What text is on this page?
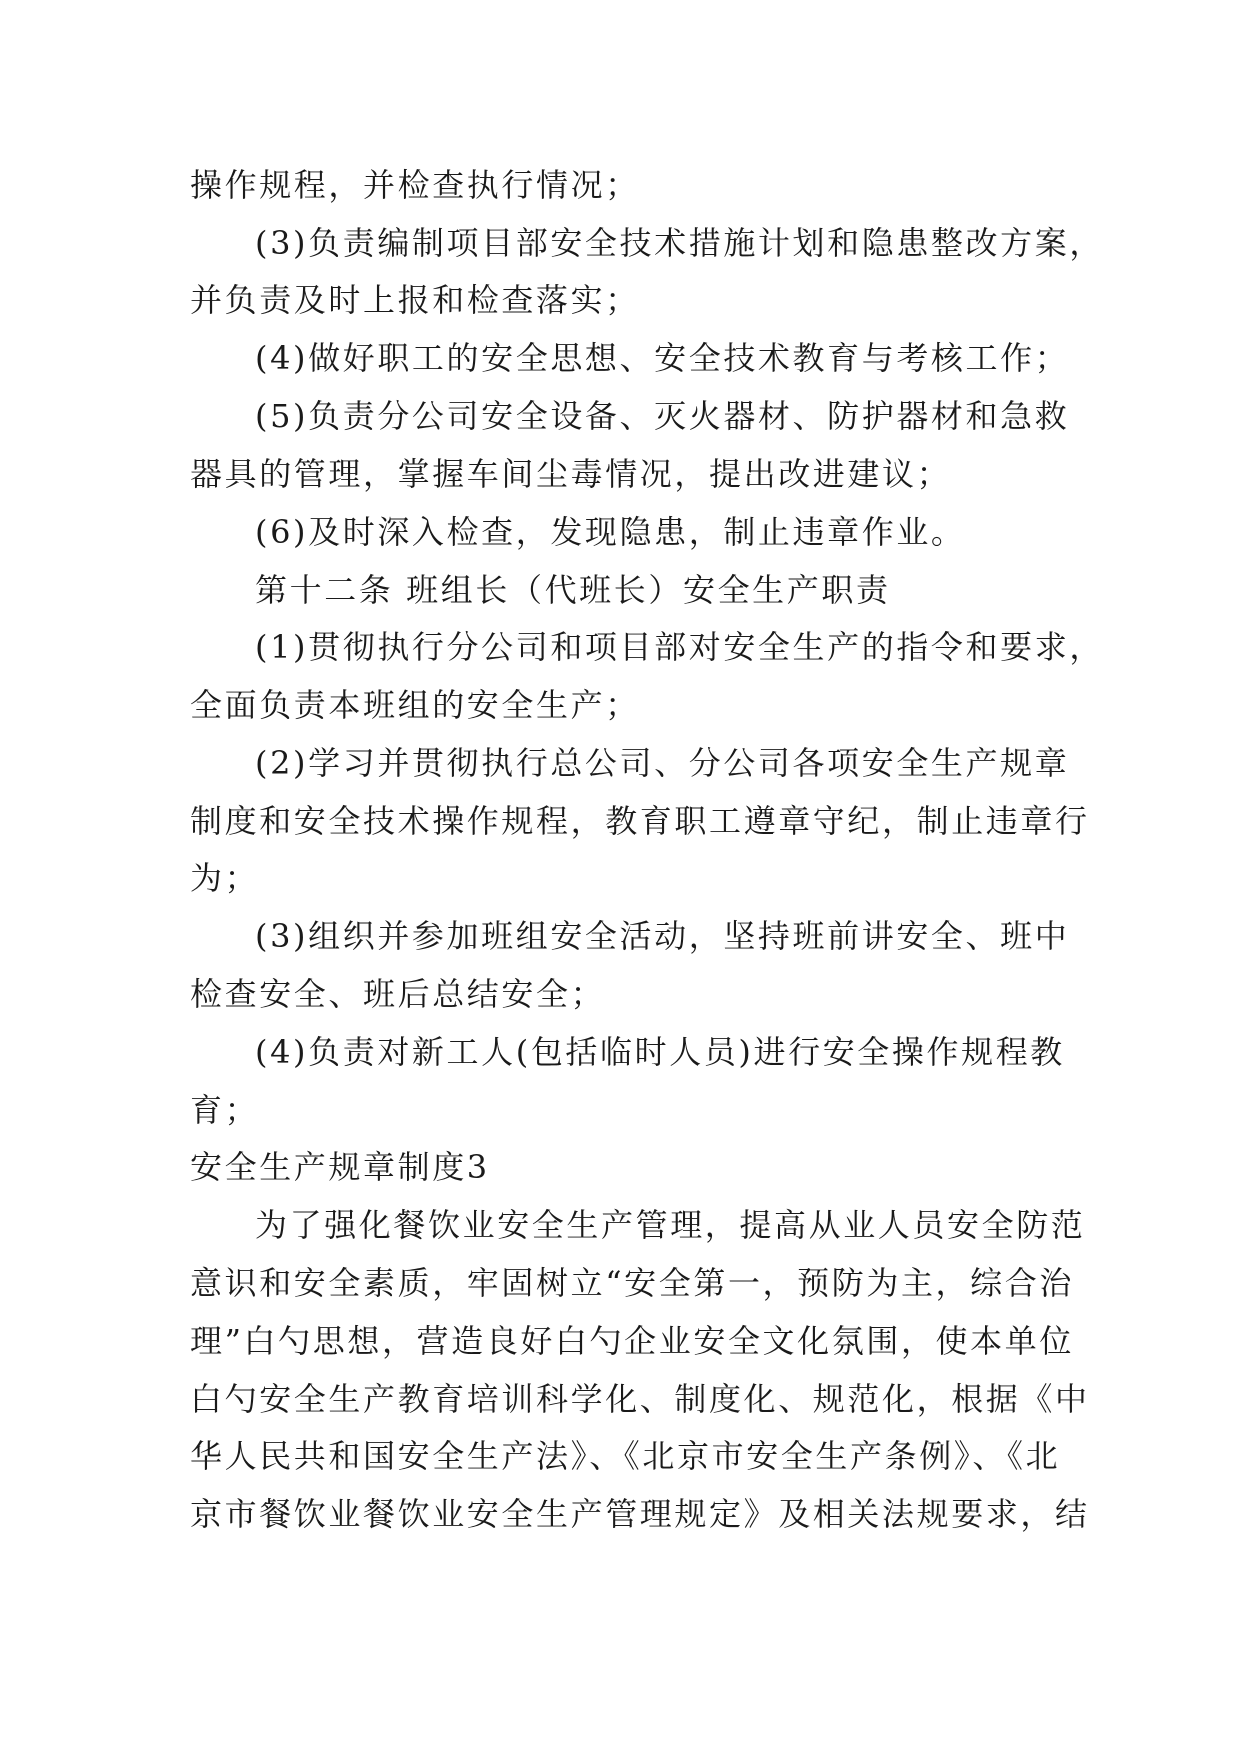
操作规程，并检查执行情况；
(3)负责编制项目部安全技术措施计划和隐患整改方案，
并负责及时上报和检查落实；
(4)做好职工的安全思想、安全技术教育与考核工作；
(5)负责分公司安全设备、灭火器材、防护器材和急救
器具的管理，掌握车间尘毒情况，提出改进建议；
(6)及时深入检查，发现隐患，制止违章作业。
第十二条 班组长（代班长）安全生产职责
(1)贯彻执行分公司和项目部对安全生产的指令和要求，
全面负责本班组的安全生产；
(2)学习并贯彻执行总公司、分公司各项安全生产规章
制度和安全技术操作规程，教育职工遵章守纪，制止违章行
为；
(3)组织并参加班组安全活动，坚持班前讲安全、班中
检查安全、班后总结安全；
(4)负责对新工人(包括临时人员)进行安全操作规程教
育；
安全生产规章制度3
为了强化餐饮业安全生产管理，提高从业人员安全防范
意识和安全素质，牢固树立“安全第一，预防为主，综合治
理”白勺思想，营造良好白勺企业安全文化氛围，使本单位
白勺安全生产教育培训科学化、制度化、规范化，根据《中
华人民共和国安全生产法》、《北京市安全生产条例》、《北
京市餐饮业餐饮业安全生产管理规定》及相关法规要求，结
